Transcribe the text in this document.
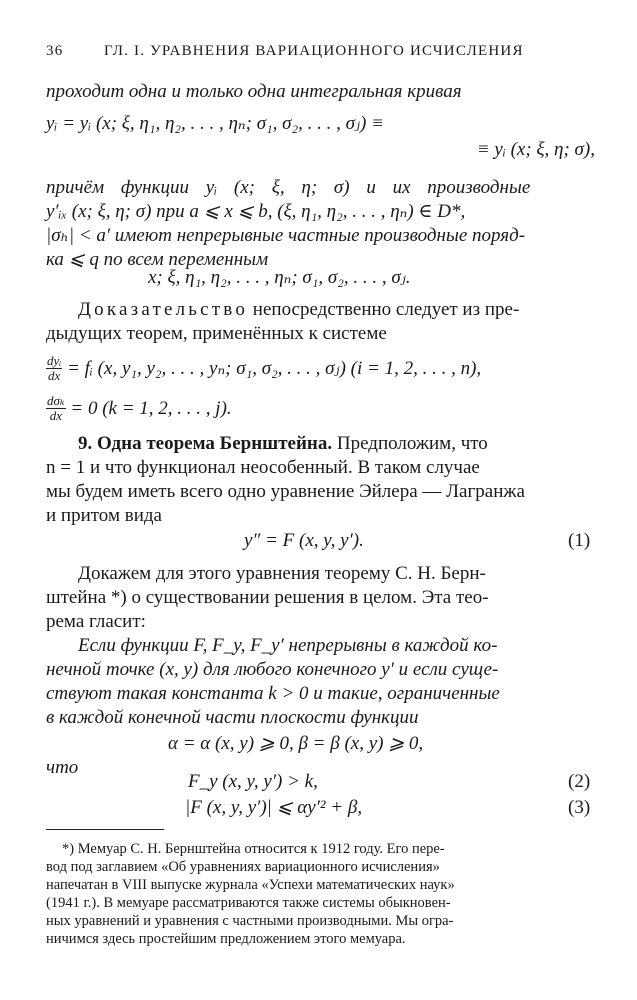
36	ГЛ. I. УРАВНЕНИЯ ВАРИАЦИОННОГО ИСЧИСЛЕНИЯ
проходит одна и только одна интегральная кривая
yᵢ = yᵢ (x; ξ, η₁, η₂, . . . , ηₙ; σ₁, σ₂, . . . , σⱼ) ≡
≡ yᵢ (x; ξ, η; σ),
причём функции yᵢ (x; ξ, η; σ) и их производные
y′ᵢₓ (x; ξ, η; σ) при a ⩽ x ⩽ b, (ξ, η₁, η₂, . . . , ηₙ) ∈ D*,
|σₕ| < a′ имеют непрерывные частные производные поряд-
ка ⩽ q по всем переменным
x; ξ, η₁, η₂, . . . , ηₙ; σ₁, σ₂, . . . , σⱼ.
Доказательство непосредственно следует из пре-
дыдущих теорем, применённых к системе
$\frac{\text{dyᵢ}}{dx}$ = fᵢ (x, y₁, y₂, . . . , yₙ; σ₁, σ₂, . . . , σⱼ) (i = 1, 2, . . . , n),
$\frac{\text{dσₖ}}{dx} = 0$ (k = 1, 2, . . . , j).
9. Одна теорема Бернштейна. Предположим, что
n = 1 и что функционал неособенный. В таком случае
мы будем иметь всего одно уравнение Эйлера — Лагранжа
и притом вида
y″ = F (x, y, y′).	(1)
Докажем для этого уравнения теорему С. Н. Берн-
штейна *) о существовании решения в целом. Эта тео-
рема гласит:
Если функции F, F_y, F_y′ непрерывны в каждой ко-
нечной точке (x, y) для любого конечного y′ и если суще-
ствуют такая константа k > 0 и такие, ограниченные
в каждой конечной части плоскости функции
α = α (x, y) ⩾ 0, β = β (x, y) ⩾ 0,
что
F_y (x, y, y′) > k,	(2)
|F (x, y, y′)| ⩽ αy′² + β,	(3)
*) Мемуар С. Н. Бернштейна относится к 1912 году. Его пере-
вод под заглавием «Об уравнениях вариационного исчисления»
напечатан в VIII выпуске журнала «Успехи математических наук»
(1941 г.). В мемуаре рассматриваются также системы обыкновен-
ных уравнений и уравнения с частными производными. Мы огра-
ничимся здесь простейшим предложением этого мемуара.
